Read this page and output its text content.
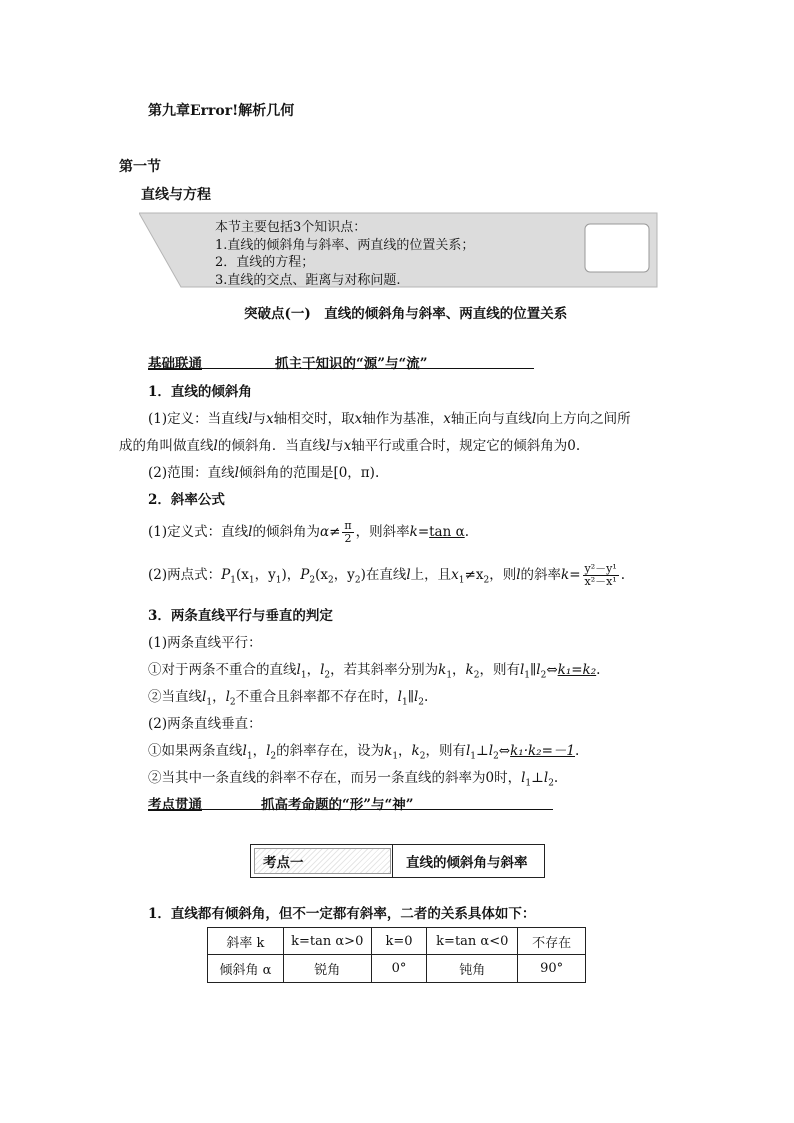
第九章Error!解析几何
第一节
直线与方程
本节主要包括3个知识点：
1.直线的倾斜角与斜率、两直线的位置关系；
2．直线的方程；
3.直线的交点、距离与对称问题.
突破点(一)　直线的倾斜角与斜率、两直线的位置关系
基础联通	抓主干知识的“源”与“流”
1．直线的倾斜角
(1)定义：当直线l与x轴相交时，取x轴作为基准，x轴正向与直线l向上方向之间所
成的角叫做直线l的倾斜角．当直线l与x轴平行或重合时，规定它的倾斜角为0.
(2)范围：直线l倾斜角的范围是[0，π).
2．斜率公式
(1)定义式：直线l的倾斜角为$\alpha\ne \frac{\pi}{2}$ ，则斜率k=tan α.
(2)两点式：$P_1(x_1$，$y_1$)，$P_2(x_2$，$y_2$)在直线l上，且$x_1\ne x_2$，则l的斜率$k= \frac{\text{y²－y¹}}{\text{x²－x¹}}$ .
3．两条直线平行与垂直的判定
(1)两条直线平行：
①对于两条不重合的直线$l_1$，$l_2$，若其斜率分别为$k_1$，$k_2$，则有$l_1\parallel l_2\Leftrightarrow k_1=k_2$.
②当直线$l_1$，$l_2$不重合且斜率都不存在时，$l_1\parallel l_2$.
(2)两条直线垂直：
①如果两条直线$l_1$，$l_2$的斜率存在，设为$k_1$，$k_2$，则有$l_1\perp l_2\Leftrightarrow k_1\cdot k_2=-1$.
②当其中一条直线的斜率不存在，而另一条直线的斜率为0时，$l_1\perp l_2$.
考点贯通	抓高考命题的“形”与“神”
考点一	直线的倾斜角与斜率
1．直线都有倾斜角，但不一定都有斜率，二者的关系具体如下：
斜率 k	k=tan α>0	k=0	k=tan α<0	不存在
倾斜角 α	锐角	0°	钝角	90°
